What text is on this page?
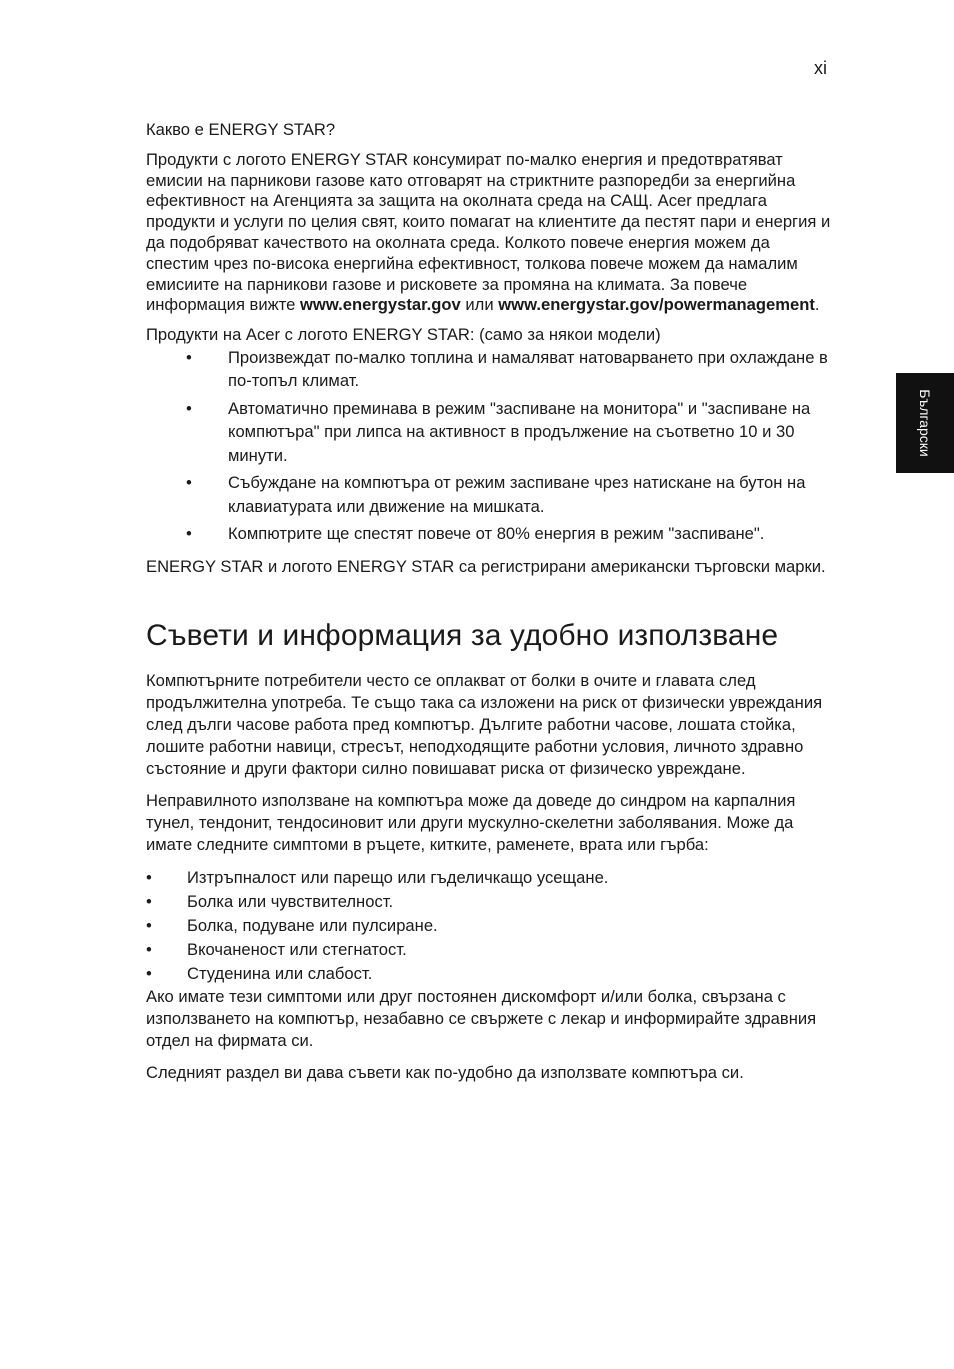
xi
Български

Какво е ENERGY STAR?

Продукти с логото ENERGY STAR консумират по-малко енергия и предотвратяват емисии на парникови газове като отговарят на стриктните разпоредби за енергийна ефективност на Агенцията за защита на околната среда на САЩ. Acer предлага продукти и услуги по целия свят, които помагат на клиентите да пестят пари и енергия и да подобряват качеството на околната среда. Колкото повече енергия можем да спестим чрез по-висока енергийна ефективност, толкова повече можем да намалим емисиите на парникови газове и рисковете за промяна на климата. За повече информация вижте www.energystar.gov или www.energystar.gov/powermanagement.

Продукти на Acer с логото ENERGY STAR: (само за някои модели)

• Произвеждат по-малко топлина и намаляват натоварването при охлаждане в по-топъл климат.
• Автоматично преминава в режим "заспиване на монитора" и "заспиване на компютъра" при липса на активност в продължение на съответно 10 и 30 минути.
• Събуждане на компютъра от режим заспиване чрез натискане на бутон на клавиатурата или движение на мишката.
• Компютрите ще спестят повече от 80% енергия в режим "заспиване".

ENERGY STAR и логото ENERGY STAR са регистрирани американски търговски марки.

Съвети и информация за удобно използване

Компютърните потребители често се оплакват от болки в очите и главата след продължителна употреба. Те също така са изложени на риск от физически увреждания след дълги часове работа пред компютър. Дългите работни часове, лошата стойка, лошите работни навици, стресът, неподходящите работни условия, личното здравно състояние и други фактори силно повишават риска от физическо увреждане.

Неправилното използване на компютъра може да доведе до синдром на карпалния тунел, тендонит, тендосиновит или други мускулно-скелетни заболявания. Може да имате следните симптоми в ръцете, китките, раменете, врата или гърба:

• Изтръпналост или парещо или гъделичкащо усещане.
• Болка или чувствителност.
• Болка, подуване или пулсиране.
• Вкочаненост или стегнатост.
• Студенина или слабост.

Ако имате тези симптоми или друг постоянен дискомфорт и/или болка, свързана с използването на компютър, незабавно се свържете с лекар и информирайте здравния отдел на фирмата си.

Следният раздел ви дава съвети как по-удобно да използвате компютъра си.
